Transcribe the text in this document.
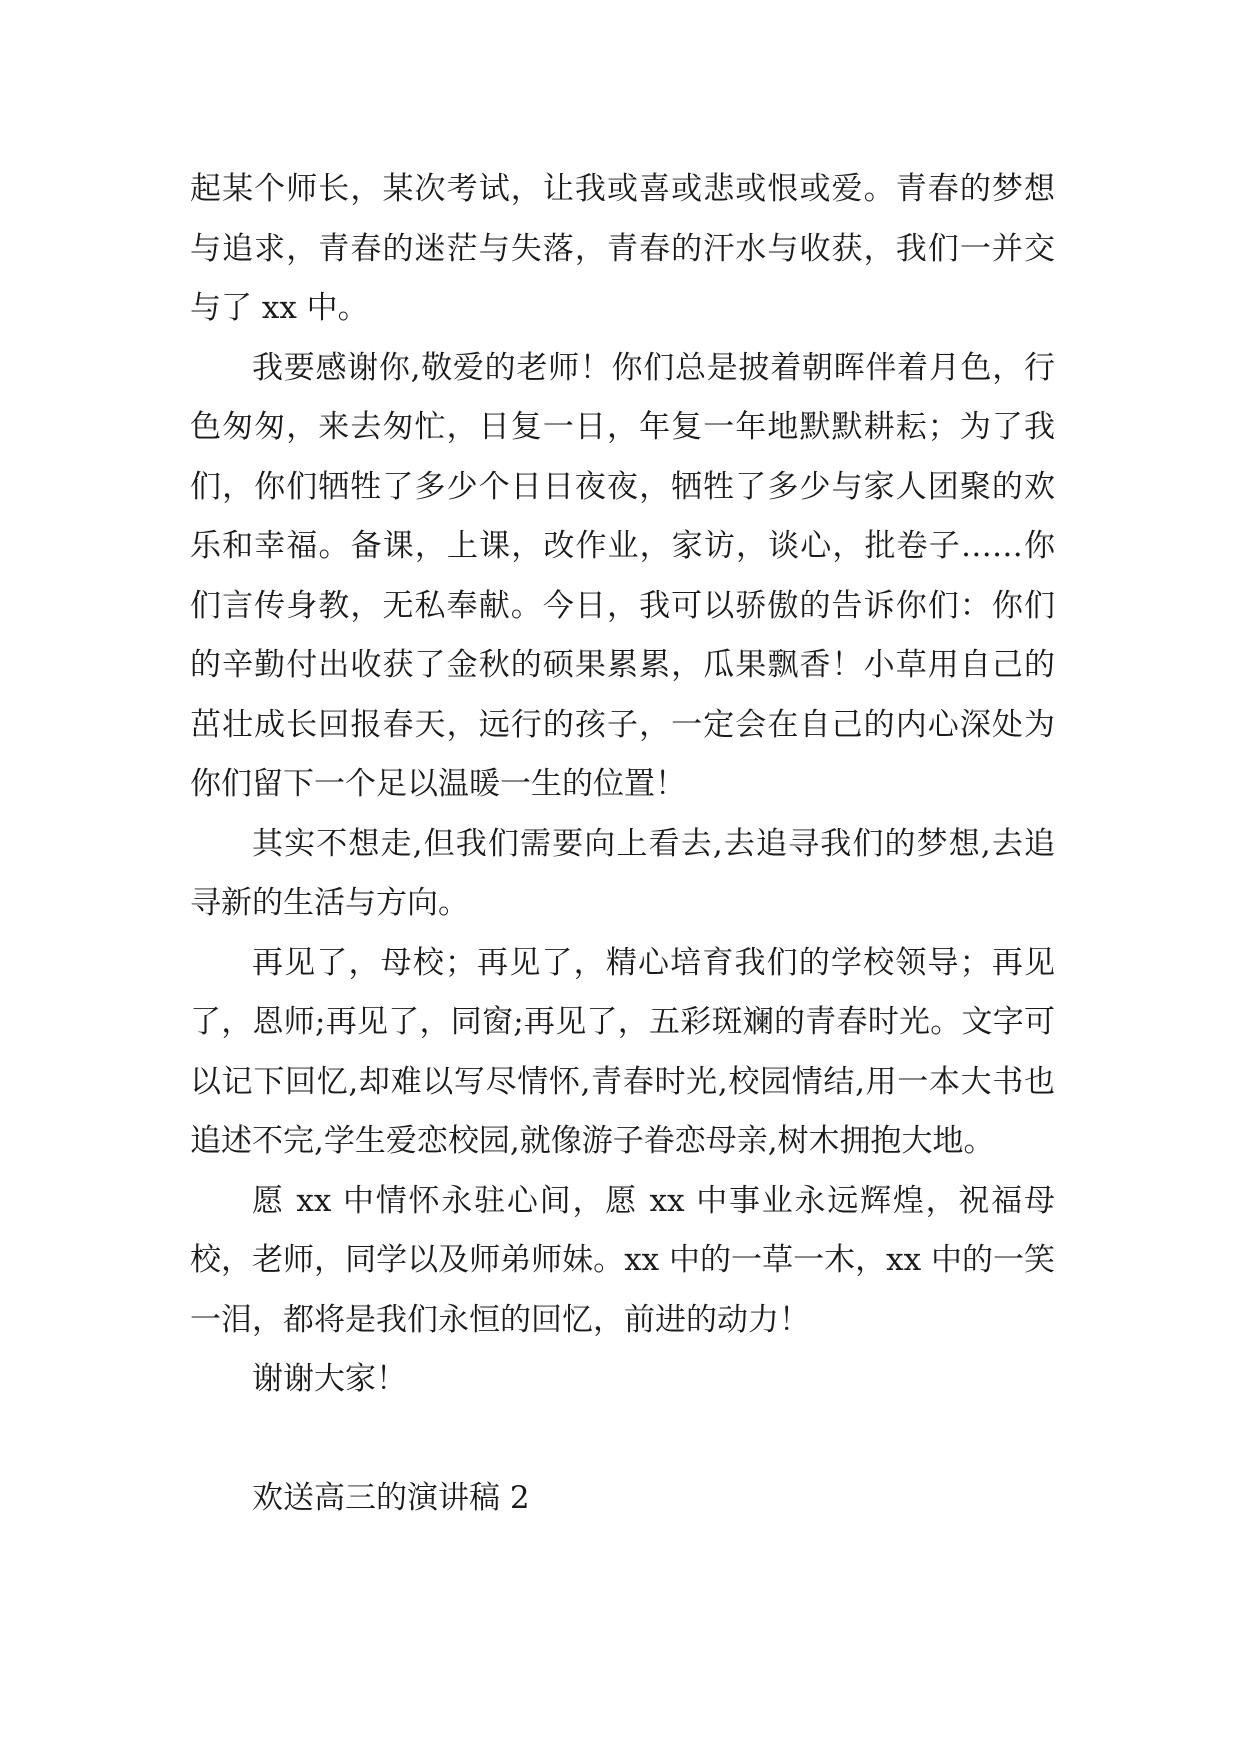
起某个师长，某次考试，让我或喜或悲或恨或爱。青春的梦想与追求，青春的迷茫与失落，青春的汗水与收获，我们一并交与了 xx 中。

我要感谢你,敬爱的老师！你们总是披着朝晖伴着月色，行色匆匆，来去匆忙，日复一日，年复一年地默默耕耘；为了我们，你们牺牲了多少个日日夜夜，牺牲了多少与家人团聚的欢乐和幸福。备课，上课，改作业，家访，谈心，批卷子……你们言传身教，无私奉献。今日，我可以骄傲的告诉你们：你们的辛勤付出收获了金秋的硕果累累，瓜果飘香！小草用自己的茁壮成长回报春天，远行的孩子，一定会在自己的内心深处为你们留下一个足以温暖一生的位置！

其实不想走,但我们需要向上看去,去追寻我们的梦想,去追寻新的生活与方向。

再见了，母校；再见了，精心培育我们的学校领导；再见了，恩师;再见了，同窗;再见了，五彩斑斓的青春时光。文字可以记下回忆,却难以写尽情怀,青春时光,校园情结,用一本大书也追述不完,学生爱恋校园,就像游子眷恋母亲,树木拥抱大地。

愿 xx 中情怀永驻心间，愿 xx 中事业永远辉煌，祝福母校，老师，同学以及师弟师妹。xx 中的一草一木，xx 中的一笑一泪，都将是我们永恒的回忆，前进的动力！

谢谢大家！

欢送高三的演讲稿 2
